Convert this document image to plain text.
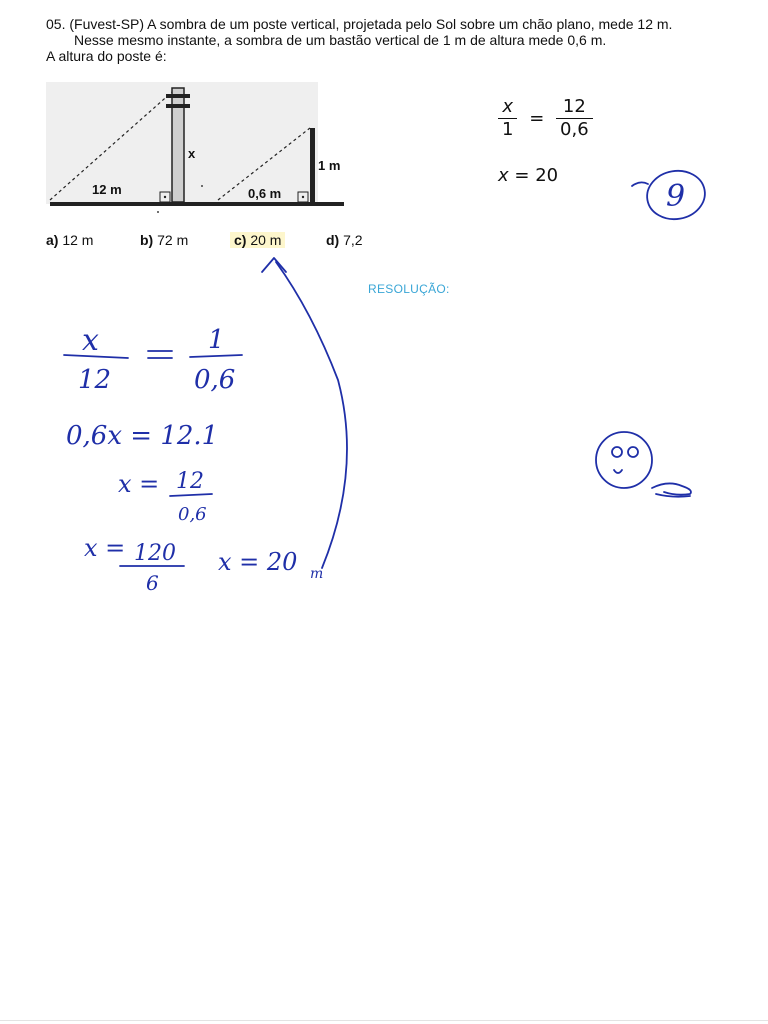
05. (Fuvest-SP) A sombra de um poste vertical, projetada pelo Sol sobre um chão plano, mede 12 m.
Nesse mesmo instante, a sombra de um bastão vertical de 1 m de altura mede 0,6 m.
A altura do poste é:
12 m
x
1 m
0,6 m
a) 12 m	b) 72 m	c) 20 m	d) 7,2
RESOLUÇÃO:
$\frac{x}{1} = \frac{12}{0,6}$
x = 20
x
12
1
0,6
0,6x = 12.1
x = 12
0,6
x = 120
6
x = 20 m
9
